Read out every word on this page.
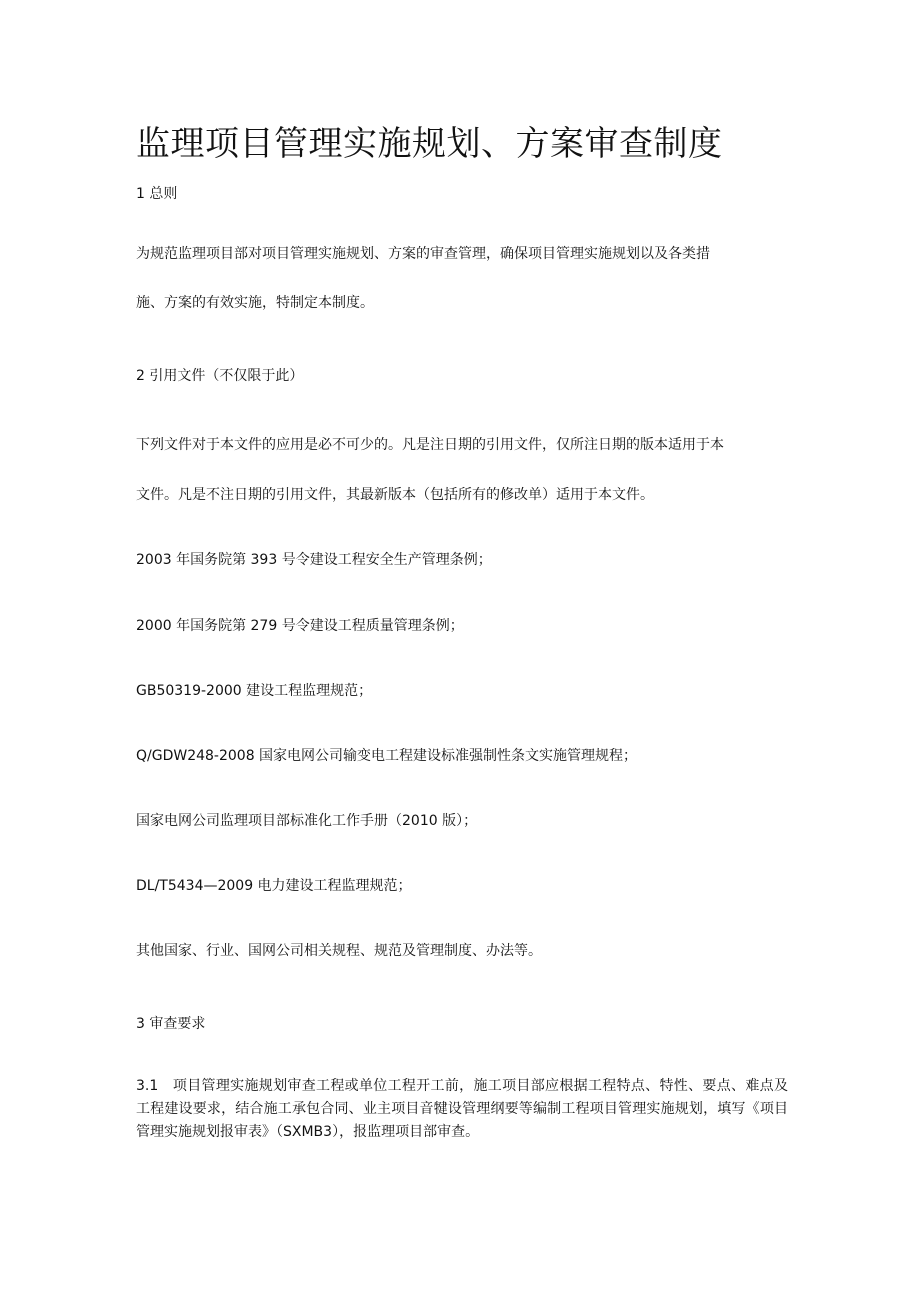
监理项目管理实施规划、方案审查制度
1 总则
为规范监理项目部对项目管理实施规划、方案的审查管理，确保项目管理实施规划以及各类措
施、方案的有效实施，特制定本制度。
2 引用文件（不仅限于此）
下列文件对于本文件的应用是必不可少的。凡是注日期的引用文件，仅所注日期的版本适用于本
文件。凡是不注日期的引用文件，其最新版本（包括所有的修改单）适用于本文件。
2003 年国务院第 393 号令建设工程安全生产管理条例；
2000 年国务院第 279 号令建设工程质量管理条例；
GB50319-2000 建设工程监理规范；
Q/GDW248-2008 国家电网公司输变电工程建设标准强制性条文实施管理规程；
国家电网公司监理项目部标准化工作手册（2010 版）；
DL/T5434—2009 电力建设工程监理规范；
其他国家、行业、国网公司相关规程、规范及管理制度、办法等。
3 审查要求
3.1　项目管理实施规划审查工程或单位工程开工前，施工项目部应根据工程特点、特性、要点、难点及工程建设要求，结合施工承包合同、业主项目音犍设管理纲要等编制工程项目管理实施规划，填写《项目管理实施规划报审表》（SXMB3），报监理项目部审查。
